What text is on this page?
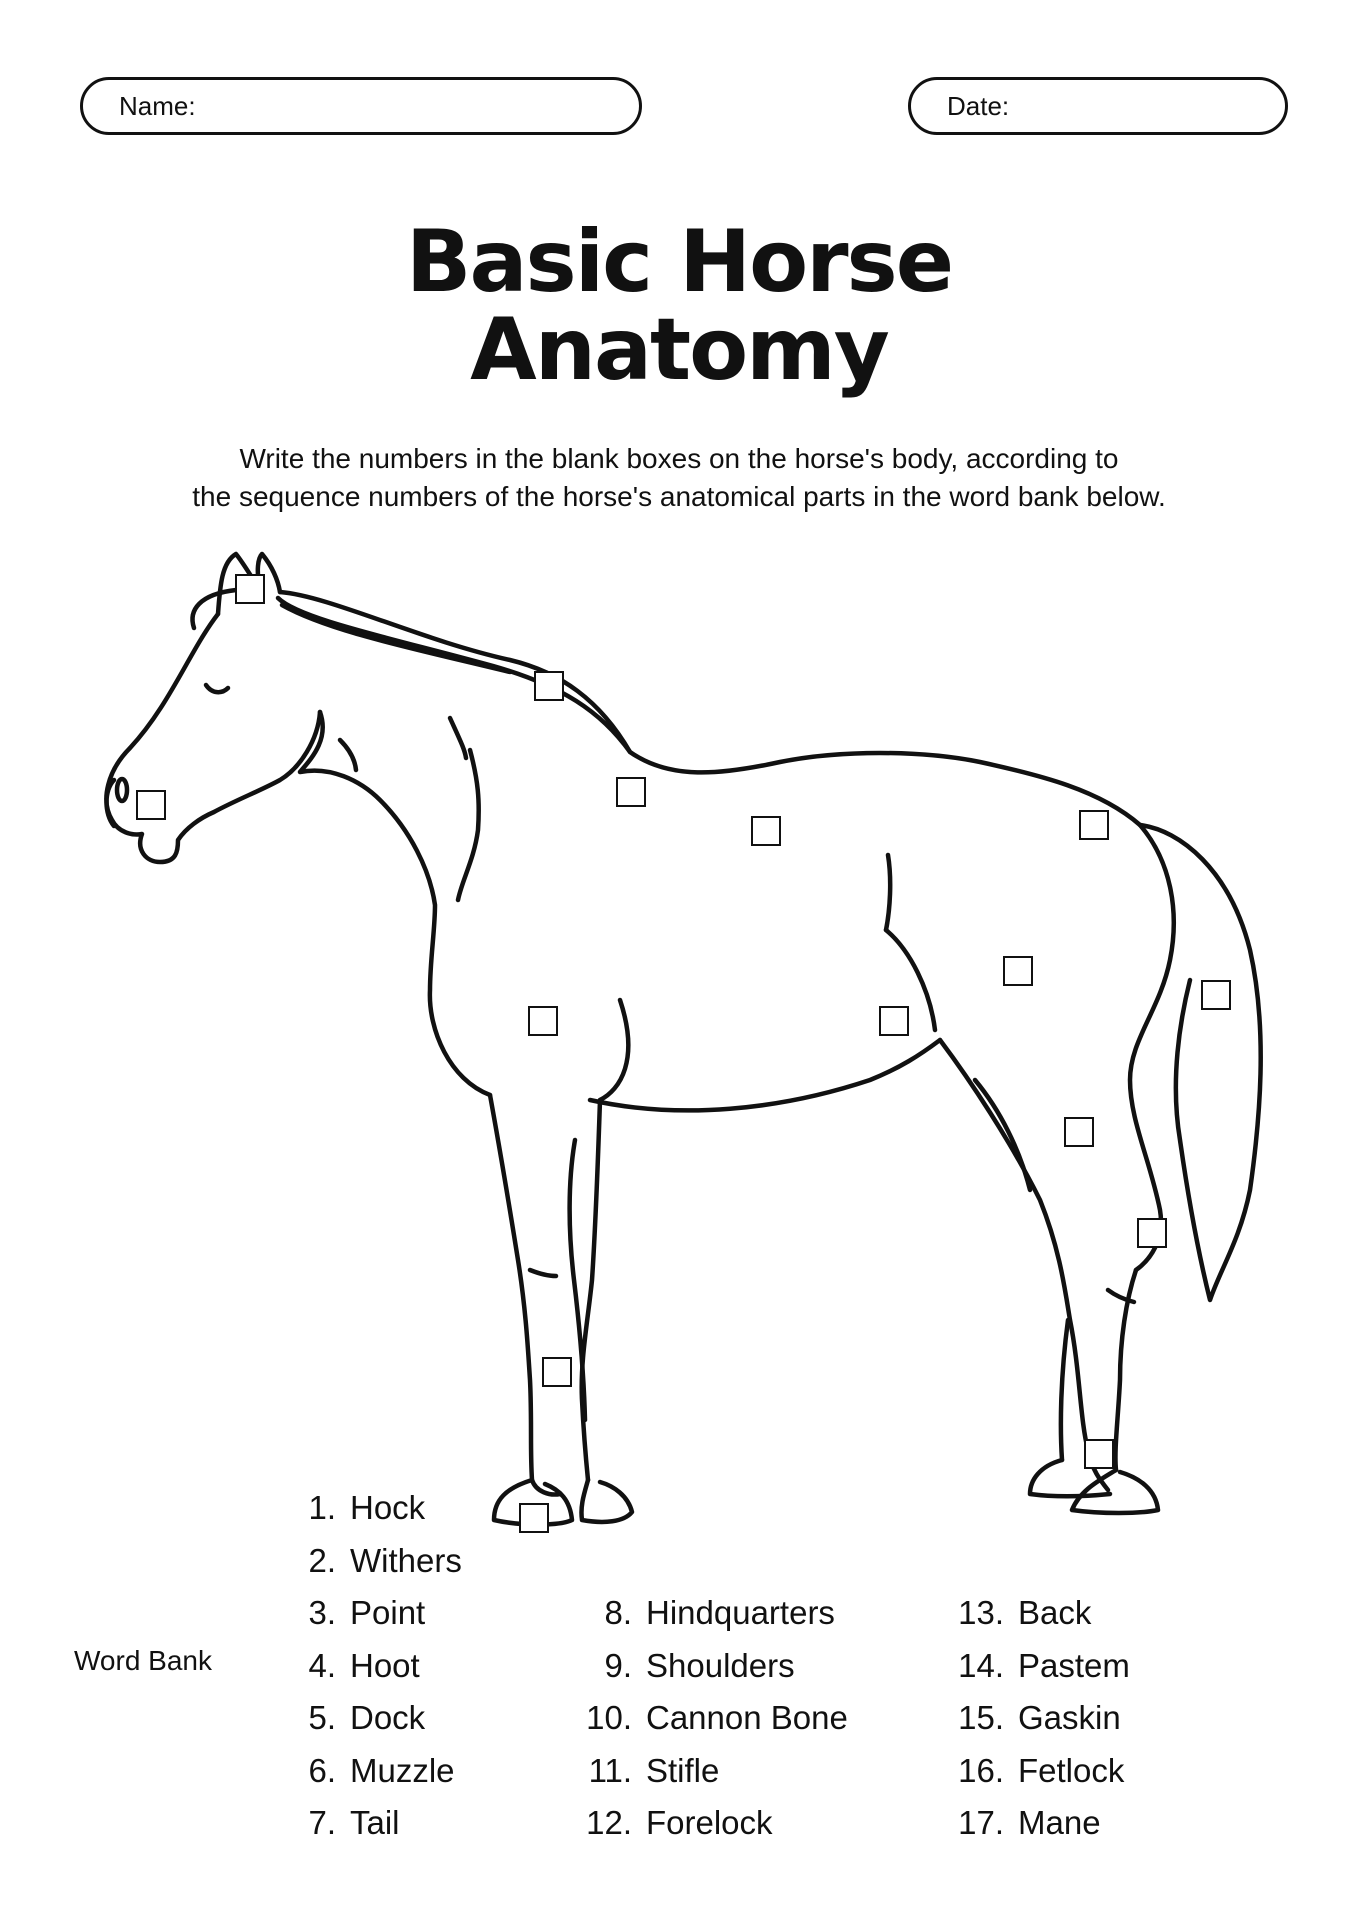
Name:	Date:
Basic Horse
Anatomy
Write the numbers in the blank boxes on the horse's body, according to
the sequence numbers of the horse's anatomical parts in the word bank below.
Word Bank
1. Hock
2. Withers
3. Point
4. Hoot
5. Dock
6. Muzzle
7. Tail
8. Hindquarters
9. Shoulders
10. Cannon Bone
11. Stifle
12. Forelock
13. Back
14. Pastem
15. Gaskin
16. Fetlock
17. Mane
